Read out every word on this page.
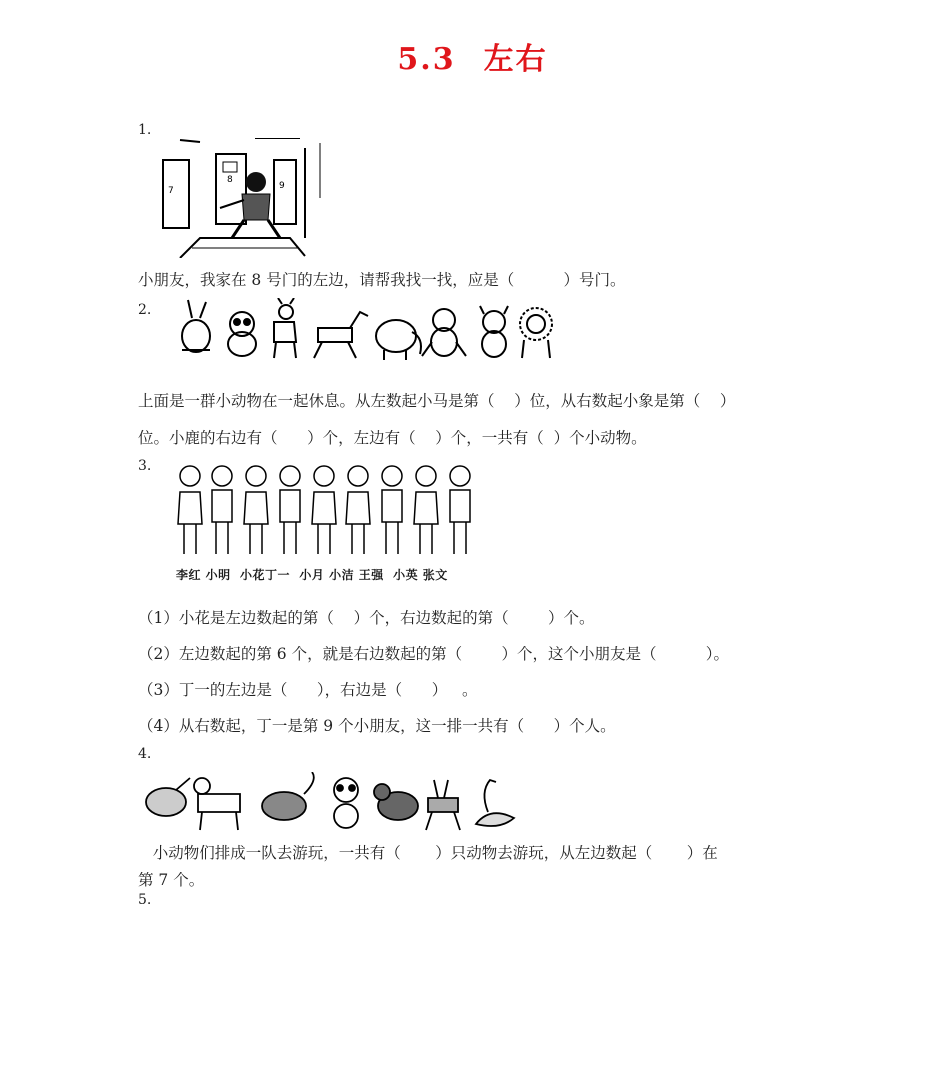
5.3 左右
1.
7
8
9
小朋友，我家在 8 号门的左边，请帮我找一找，应是（          ）号门。
2.
上面是一群小动物在一起休息。从左数起小马是第（    ）位，从右数起小象是第（    ）
位。小鹿的右边有（      ）个，左边有（    ）个，一共有（  ）个小动物。
3.
李红 小明  小花丁一  小月 小洁 王强  小英 张文
（1）小花是左边数起的第（    ）个，右边数起的第（        ）个。
（2）左边数起的第 6 个，就是右边数起的第（        ）个，这个小朋友是（          ）。
（3）丁一的左边是（      ），右边是（      ）   。
（4）从右数起，丁一是第 9 个小朋友，这一排一共有（      ）个人。
4.
小动物们排成一队去游玩，一共有（       ）只动物去游玩，从左边数起（       ）在
第 7 个。
5.
